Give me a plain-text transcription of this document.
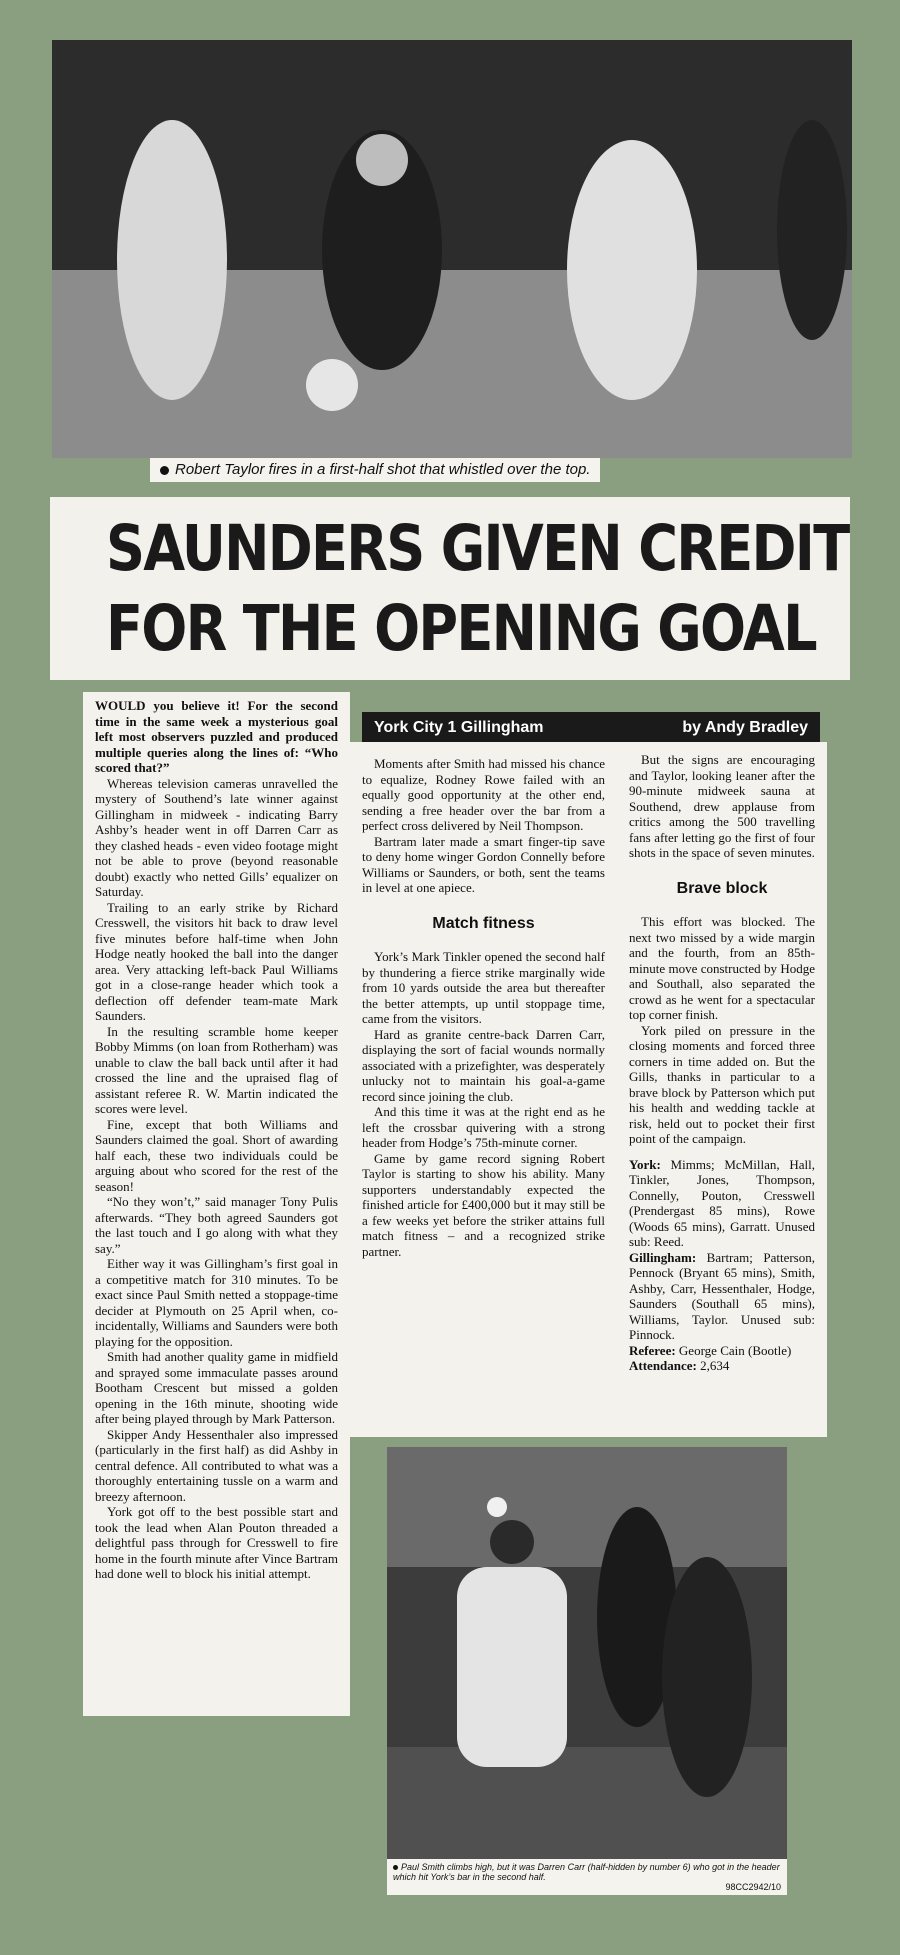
Robert Taylor fires in a first-half shot that whistled over the top.
SAUNDERS GIVEN CREDIT
FOR THE OPENING GOAL

WOULD you believe it! For the second time in the same week a mysterious goal left most observers puzzled and produced multiple queries along the lines of: “Who scored that?”

Whereas television cameras unravelled the mystery of Southend’s late winner against Gillingham in midweek - indicating Barry Ashby’s header went in off Darren Carr as they clashed heads - even video footage might not be able to prove (beyond reasonable doubt) exactly who netted Gills’ equalizer on Saturday.

Trailing to an early strike by Richard Cresswell, the visitors hit back to draw level five minutes before half-time when John Hodge neatly hooked the ball into the danger area. Very attacking left-back Paul Williams got in a close-range header which took a deflection off defender team-mate Mark Saunders.

In the resulting scramble home keeper Bobby Mimms (on loan from Rotherham) was unable to claw the ball back until after it had crossed the line and the upraised flag of assistant referee R. W. Martin indicated the scores were level.

Fine, except that both Williams and Saunders claimed the goal. Short of awarding half each, these two individuals could be arguing about who scored for the rest of the season!

“No they won’t,” said manager Tony Pulis afterwards. “They both agreed Saunders got the last touch and I go along with what they say.”

Either way it was Gillingham’s first goal in a competitive match for 310 minutes. To be exact since Paul Smith netted a stoppage-time decider at Plymouth on 25 April when, co-incidentally, Williams and Saunders were both playing for the opposition.

Smith had another quality game in midfield and sprayed some immaculate passes around Bootham Crescent but missed a golden opening in the 16th minute, shooting wide after being played through by Mark Patterson.

Skipper Andy Hessenthaler also impressed (particularly in the first half) as did Ashby in central defence. All contributed to what was a thoroughly entertaining tussle on a warm and breezy afternoon.

York got off to the best possible start and took the lead when Alan Pouton threaded a delightful pass through for Cresswell to fire home in the fourth minute after Vince Bartram had done well to block his initial attempt.

York City 1 Gillingham	by Andy Bradley

Moments after Smith had missed his chance to equalize, Rodney Rowe failed with an equally good opportunity at the other end, sending a free header over the bar from a perfect cross delivered by Neil Thompson.

Bartram later made a smart finger-tip save to deny home winger Gordon Connelly before Williams or Saunders, or both, sent the teams in level at one apiece.

Match fitness

York’s Mark Tinkler opened the second half by thundering a fierce strike marginally wide from 10 yards outside the area but thereafter the better attempts, up until stoppage time, came from the visitors.

Hard as granite centre-back Darren Carr, displaying the sort of facial wounds normally associated with a prizefighter, was desperately unlucky not to maintain his goal-a-game record since joining the club.

And this time it was at the right end as he left the crossbar quivering with a strong header from Hodge’s 75th-minute corner.

Game by game record signing Robert Taylor is starting to show his ability. Many supporters understandably expected the finished article for £400,000 but it may still be a few weeks yet before the striker attains full match fitness – and a recognized strike partner.

But the signs are encouraging and Taylor, looking leaner after the 90-minute midweek sauna at Southend, drew applause from critics among the 500 travelling fans after letting go the first of four shots in the space of seven minutes.

Brave block

This effort was blocked. The next two missed by a wide margin and the fourth, from an 85th-minute move constructed by Hodge and Southall, also separated the crowd as he went for a spectacular top corner finish.

York piled on pressure in the closing moments and forced three corners in time added on. But the Gills, thanks in particular to a brave block by Patterson which put his health and wedding tackle at risk, held out to pocket their first point of the campaign.

York: Mimms; McMillan, Hall, Tinkler, Jones, Thompson, Connelly, Pouton, Cresswell (Prendergast 85 mins), Rowe (Woods 65 mins), Garratt. Unused sub: Reed.

Gillingham: Bartram; Patterson, Pennock (Bryant 65 mins), Smith, Ashby, Carr, Hessenthaler, Hodge, Saunders (Southall 65 mins), Williams, Taylor. Unused sub: Pinnock.

Referee: George Cain (Bootle)

Attendance: 2,634

Paul Smith climbs high, but it was Darren Carr (half-hidden by number 6) who got in the header which hit York’s bar in the second half.
98CC2942/10
